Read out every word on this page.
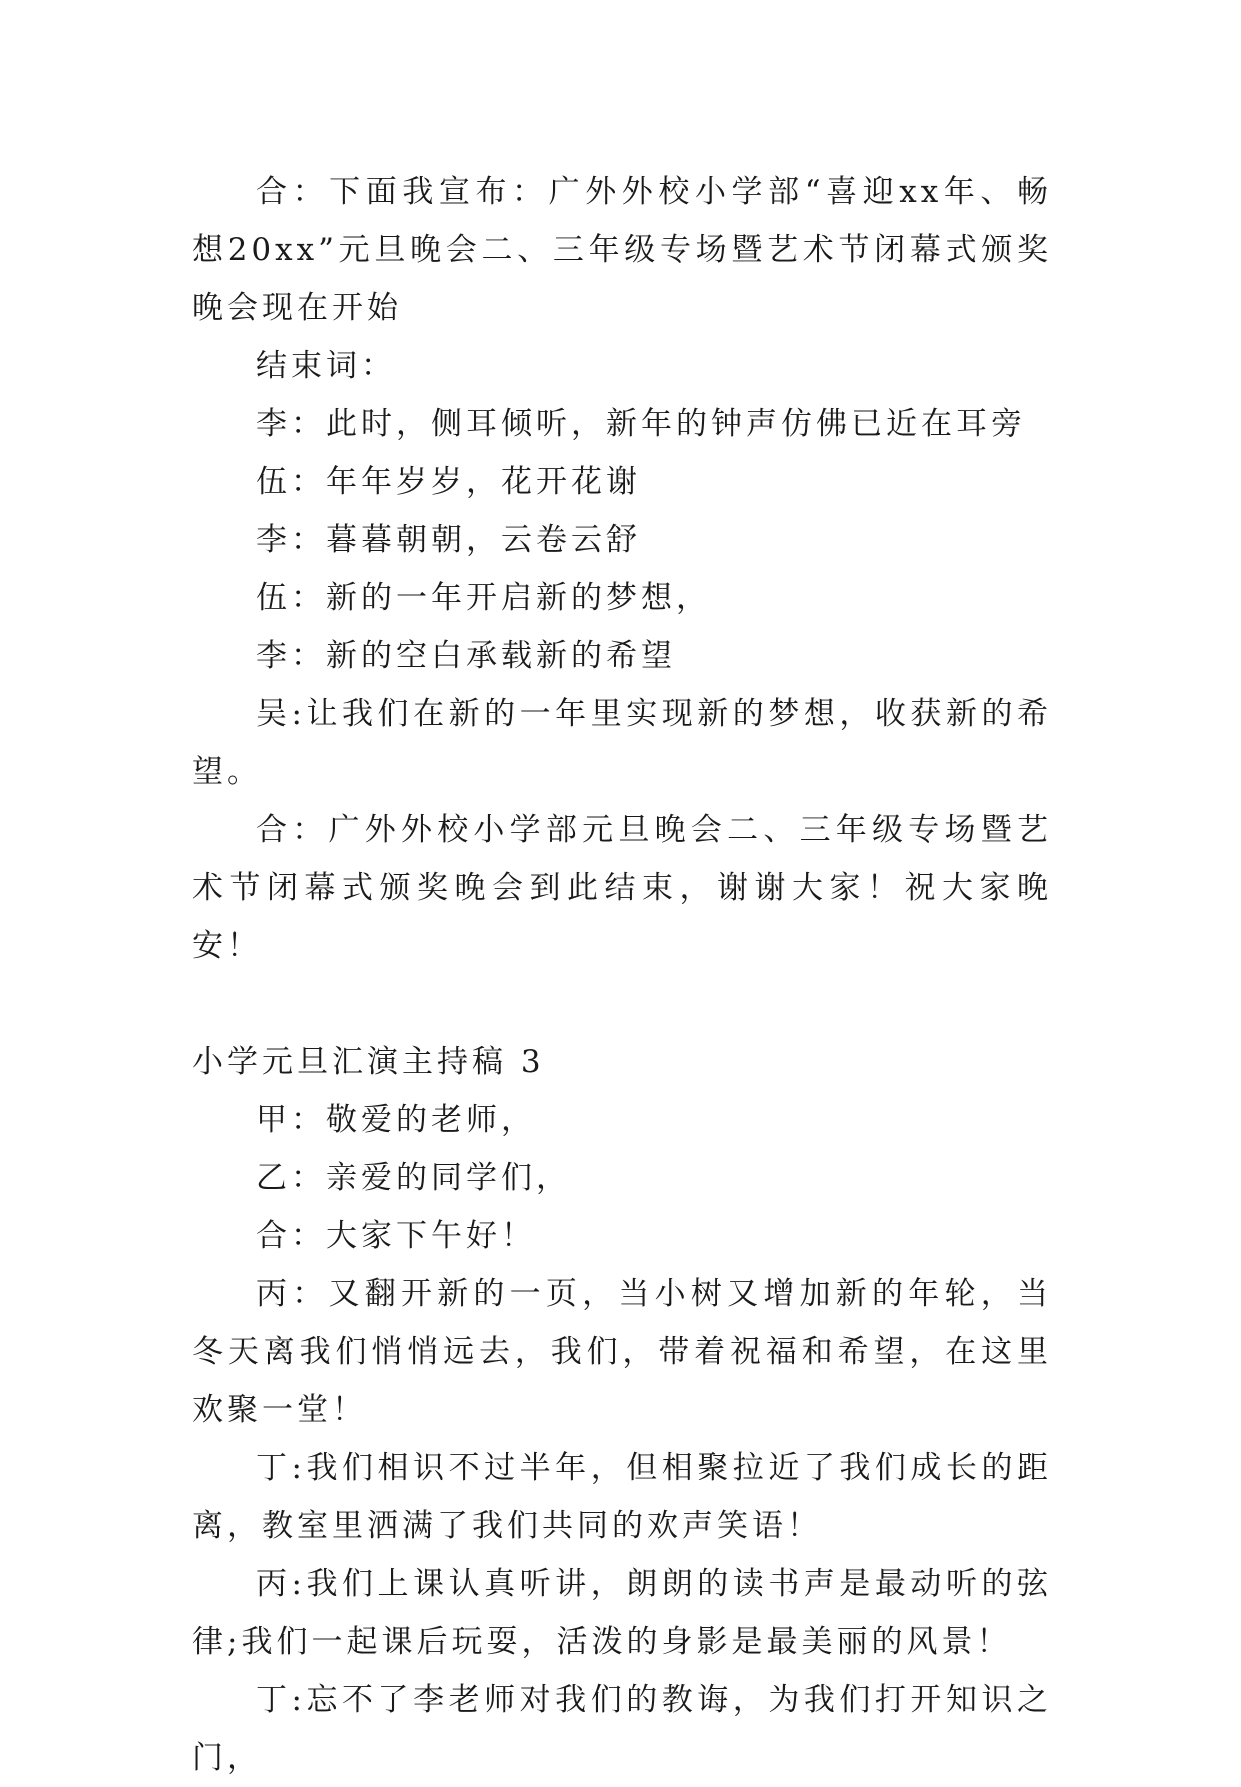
合：下面我宣布：广外外校小学部“喜迎xx年、畅想20xx”元旦晚会二、三年级专场暨艺术节闭幕式颁奖晚会现在开始

结束词：

李：此时，侧耳倾听，新年的钟声仿佛已近在耳旁

伍：年年岁岁，花开花谢

李：暮暮朝朝，云卷云舒

伍：新的一年开启新的梦想，

李：新的空白承载新的希望

吴:让我们在新的一年里实现新的梦想，收获新的希望。

合：广外外校小学部元旦晚会二、三年级专场暨艺术节闭幕式颁奖晚会到此结束，谢谢大家！祝大家晚安！

小学元旦汇演主持稿 3

甲：敬爱的老师，

乙：亲爱的同学们，

合：大家下午好！

丙：又翻开新的一页，当小树又增加新的年轮，当冬天离我们悄悄远去，我们，带着祝福和希望，在这里欢聚一堂！

丁:我们相识不过半年，但相聚拉近了我们成长的距离，教室里洒满了我们共同的欢声笑语！

丙:我们上课认真听讲，朗朗的读书声是最动听的弦律;我们一起课后玩耍，活泼的身影是最美丽的风景！

丁:忘不了李老师对我们的教诲，为我们打开知识之门，
